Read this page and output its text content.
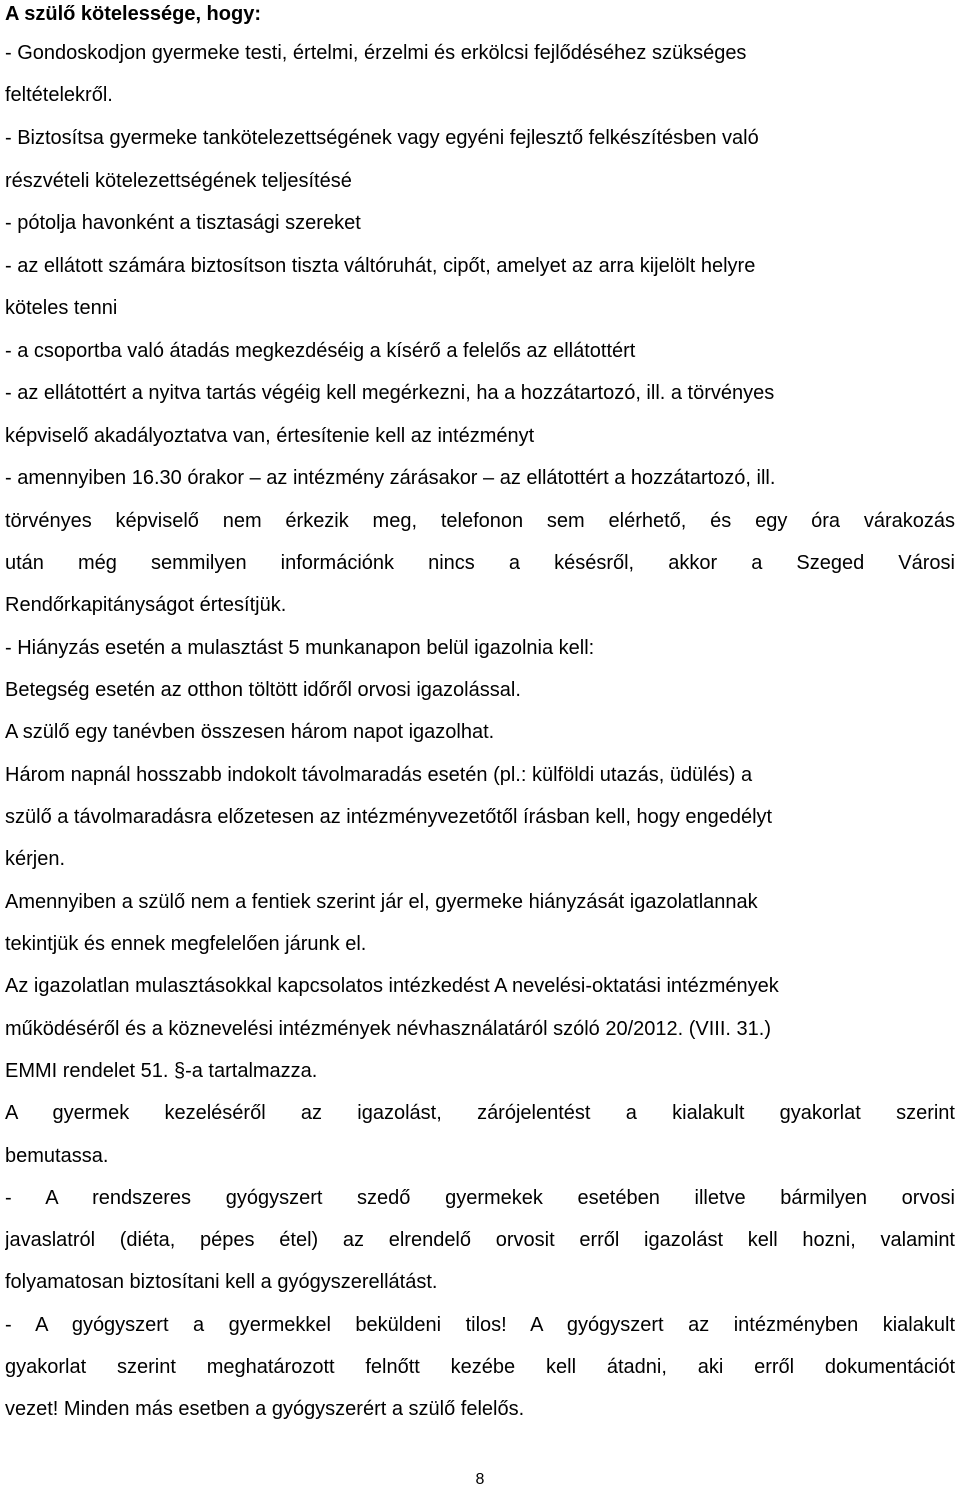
A szülő kötelessége, hogy:
- Gondoskodjon gyermeke testi, értelmi, érzelmi és erkölcsi fejlődéséhez szükséges
feltételekről.
- Biztosítsa gyermeke tankötelezettségének vagy egyéni fejlesztő felkészítésben való
részvételi kötelezettségének teljesítésé
- pótolja havonként a tisztasági szereket
- az ellátott számára biztosítson tiszta váltóruhát, cipőt, amelyet az arra kijelölt helyre
köteles tenni
- a csoportba való átadás megkezdéséig a kísérő a felelős az ellátottért
- az ellátottért a nyitva tartás végéig kell megérkezni, ha a hozzátartozó, ill. a törvényes
képviselő akadályoztatva van, értesítenie kell az intézményt
- amennyiben 16.30 órakor – az intézmény zárásakor – az ellátottért a hozzátartozó, ill.
törvényes képviselő nem érkezik meg, telefonon sem elérhető, és egy óra várakozás
után még semmilyen információnk nincs a késésről, akkor a Szeged Városi
Rendőrkapitányságot értesítjük.
- Hiányzás esetén a mulasztást 5 munkanapon belül igazolnia kell:
Betegség esetén az otthon töltött időről orvosi igazolással.
A szülő egy tanévben összesen három napot igazolhat.
Három napnál hosszabb indokolt távolmaradás esetén (pl.: külföldi utazás, üdülés) a
szülő a távolmaradásra előzetesen az intézményvezetőtől írásban kell, hogy engedélyt
kérjen.
Amennyiben a szülő nem a fentiek szerint jár el, gyermeke hiányzását igazolatlannak
tekintjük és ennek megfelelően járunk el.
Az igazolatlan mulasztásokkal kapcsolatos intézkedést A nevelési-oktatási intézmények
működéséről és a köznevelési intézmények névhasználatáról szóló 20/2012. (VIII. 31.)
EMMI rendelet 51. §-a tartalmazza.
A gyermek kezeléséről az igazolást, zárójelentést a kialakult gyakorlat szerint
bemutassa.
- A rendszeres gyógyszert szedő gyermekek esetében illetve bármilyen orvosi
javaslatról (diéta, pépes étel) az elrendelő orvosit erről igazolást kell hozni, valamint
folyamatosan biztosítani kell a gyógyszerellátást.
- A gyógyszert a gyermekkel beküldeni tilos! A gyógyszert az intézményben kialakult
gyakorlat szerint meghatározott felnőtt kezébe kell átadni, aki erről dokumentációt
vezet! Minden más esetben a gyógyszerért a szülő felelős.
8
